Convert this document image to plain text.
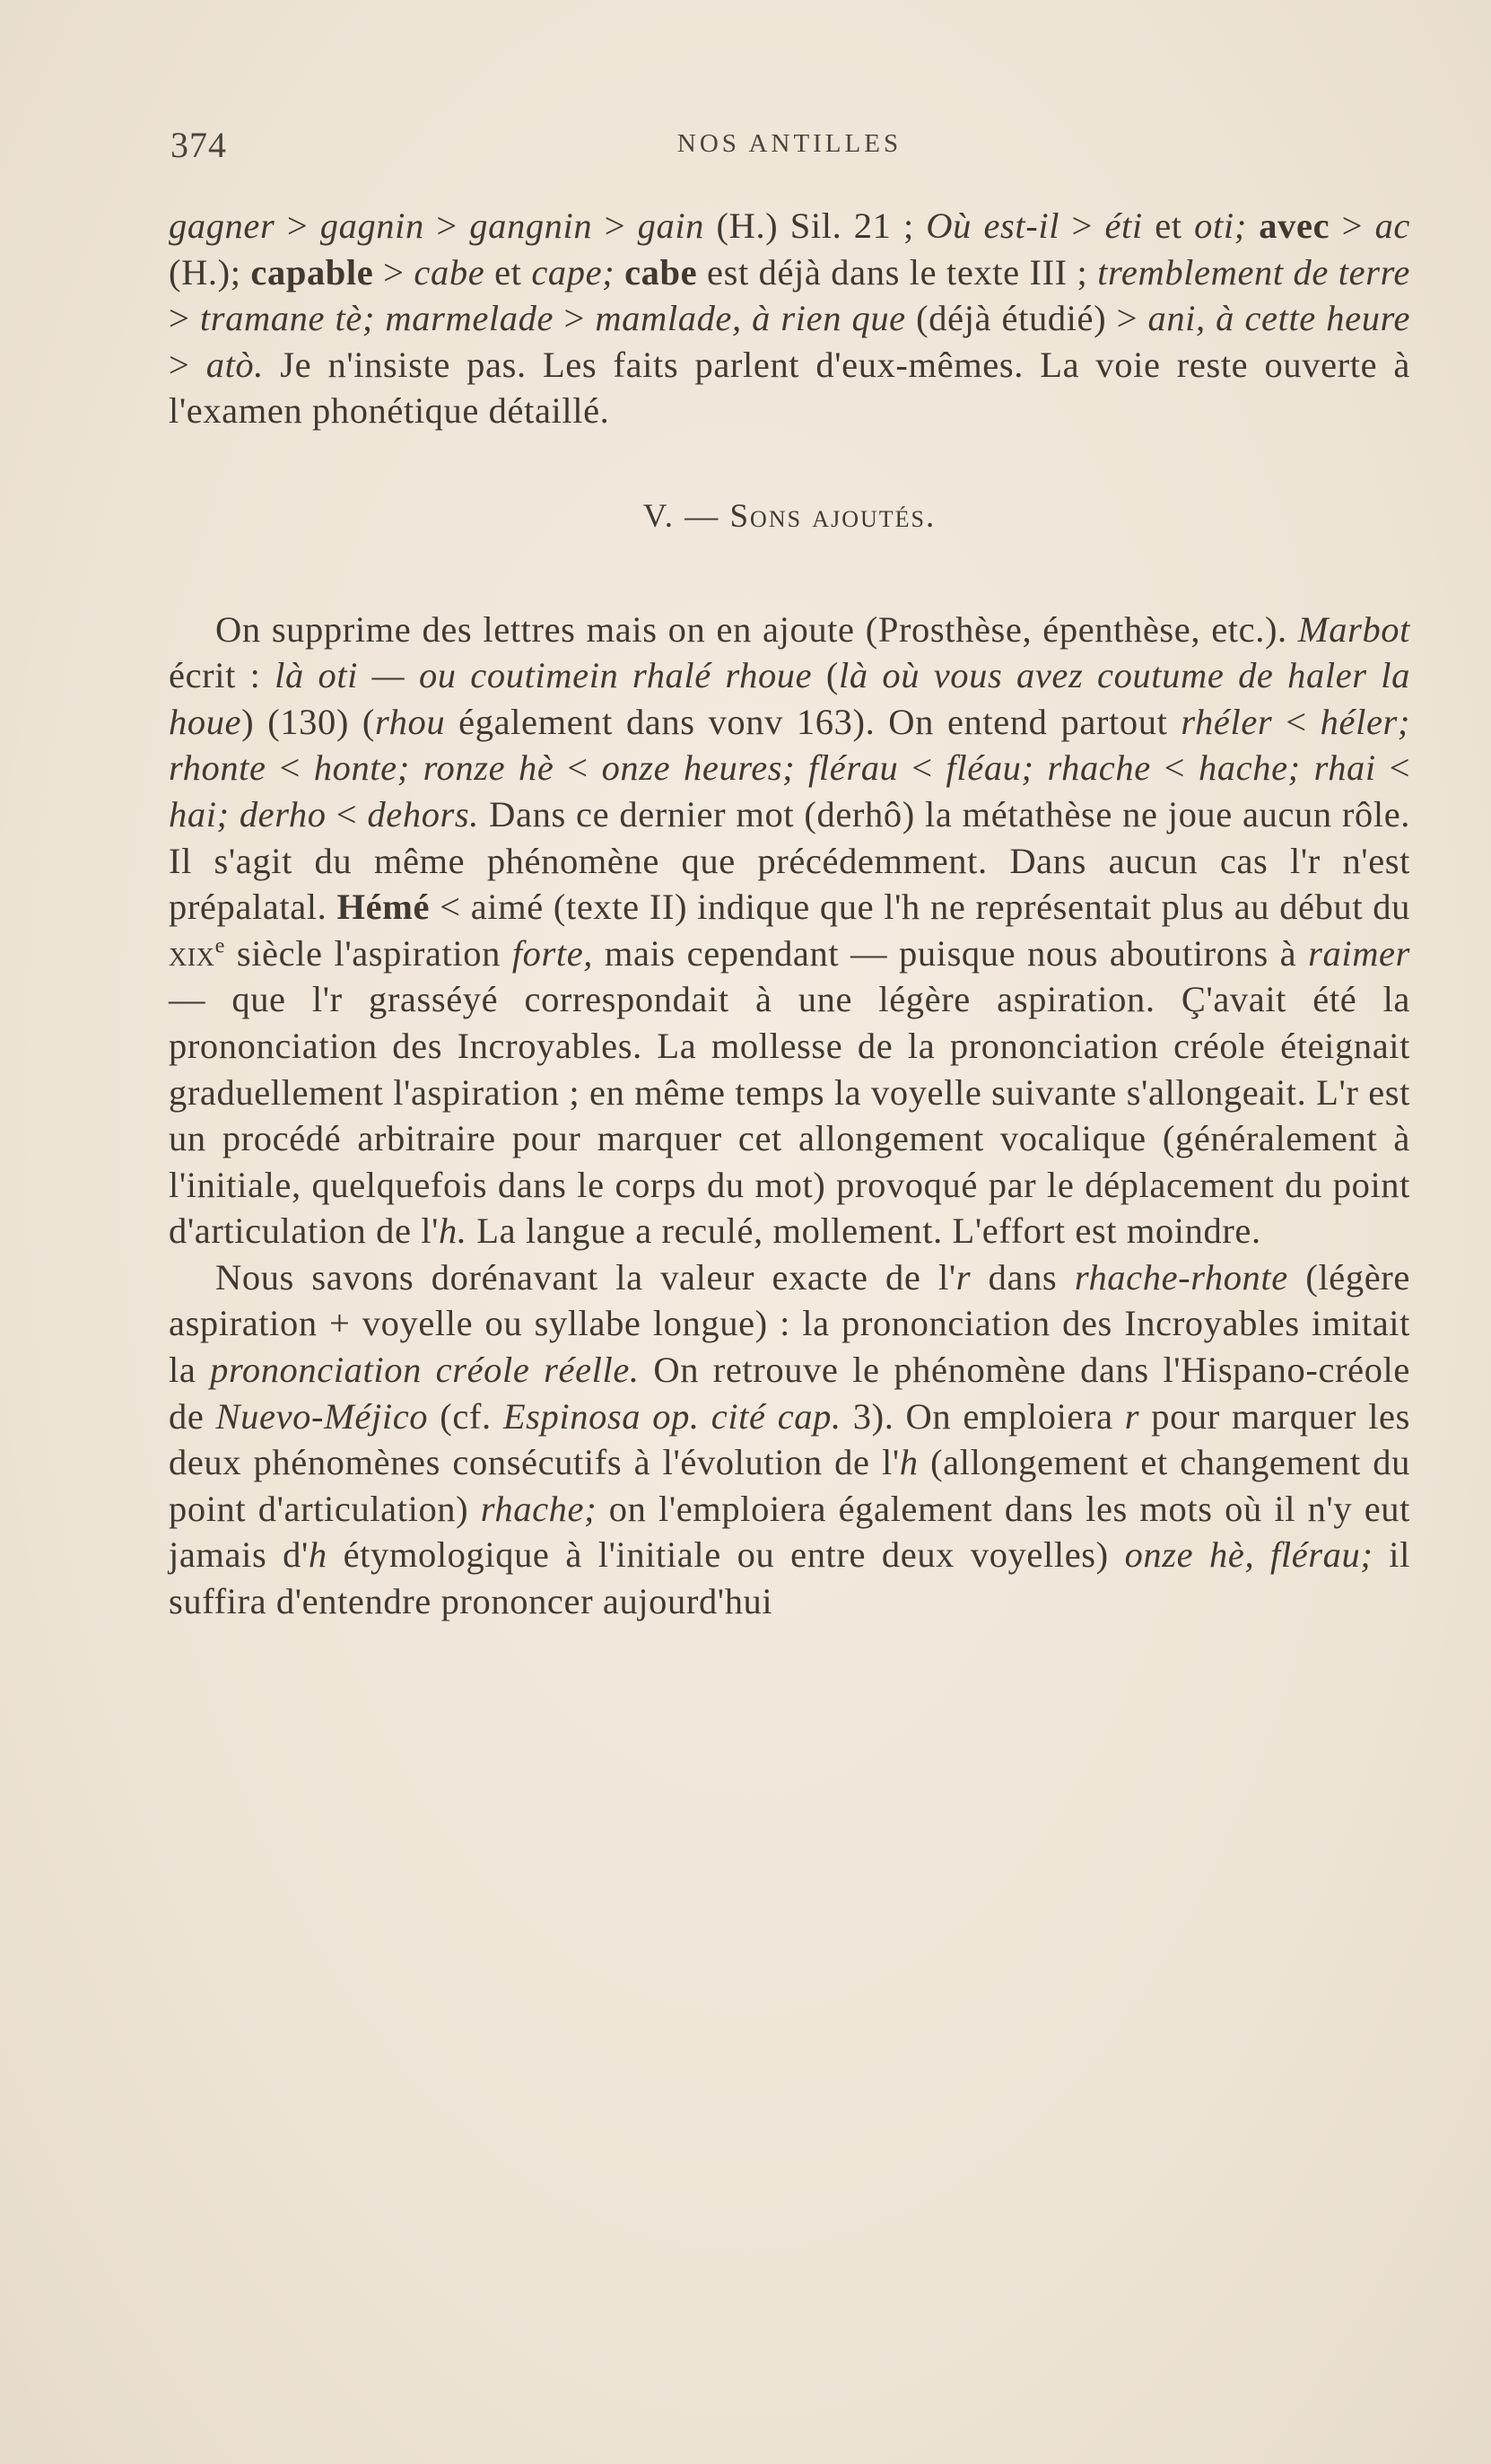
374	NOS ANTILLES

gagner > gagnin > gangnin > gain (H.) Sil. 21 ; Où est-il > éti et oti; avec > ac (H.); capable > cabe et cape; cabe est déjà dans le texte III ; tremblement de terre > tramane tè; marmelade > mamlade, à rien que (déjà étudié) > ani, à cette heure > atò. Je n'insiste pas. Les faits parlent d'eux-mêmes. La voie reste ouverte à l'examen phonétique détaillé.

V. — Sons ajoutés.

On supprime des lettres mais on en ajoute (Prosthèse, épenthèse, etc.). Marbot écrit : là oti — ou coutimein rhalé rhoue (là où vous avez coutume de haler la houe) (130) (rhou également dans vonv 163). On entend partout rhéler < héler; rhonte < honte; ronze hè < onze heures; flérau < fléau; rhache < hache; rhai < hai; derho < dehors. Dans ce dernier mot (derhô) la métathèse ne joue aucun rôle. Il s'agit du même phénomène que précédemment. Dans aucun cas l'r n'est prépalatal. Hémé < aimé (texte II) indique que l'h ne représentait plus au début du xix$^e$ siècle l'aspiration forte, mais cependant — puisque nous aboutirons à raimer — que l'r grasséyé correspondait à une légère aspiration. Ç'avait été la prononciation des Incroyables. La mollesse de la prononciation créole éteignait graduellement l'aspiration ; en même temps la voyelle suivante s'allongeait. L'r est un procédé arbitraire pour marquer cet allongement vocalique (généralement à l'initiale, quelquefois dans le corps du mot) provoqué par le déplacement du point d'articulation de l'h. La langue a reculé, mollement. L'effort est moindre.

Nous savons dorénavant la valeur exacte de l'r dans rhache-rhonte (légère aspiration + voyelle ou syllabe longue) : la prononciation des Incroyables imitait la prononciation créole réelle. On retrouve le phénomène dans l'Hispano-créole de Nuevo-Méjico (cf. Espinosa op. cité cap. 3). On emploiera r pour marquer les deux phénomènes consécutifs à l'évolution de l'h (allongement et changement du point d'articulation) rhache; on l'emploiera également dans les mots où il n'y eut jamais d'h étymologique à l'initiale ou entre deux voyelles) onze hè, flérau; il suffira d'entendre prononcer aujourd'hui
